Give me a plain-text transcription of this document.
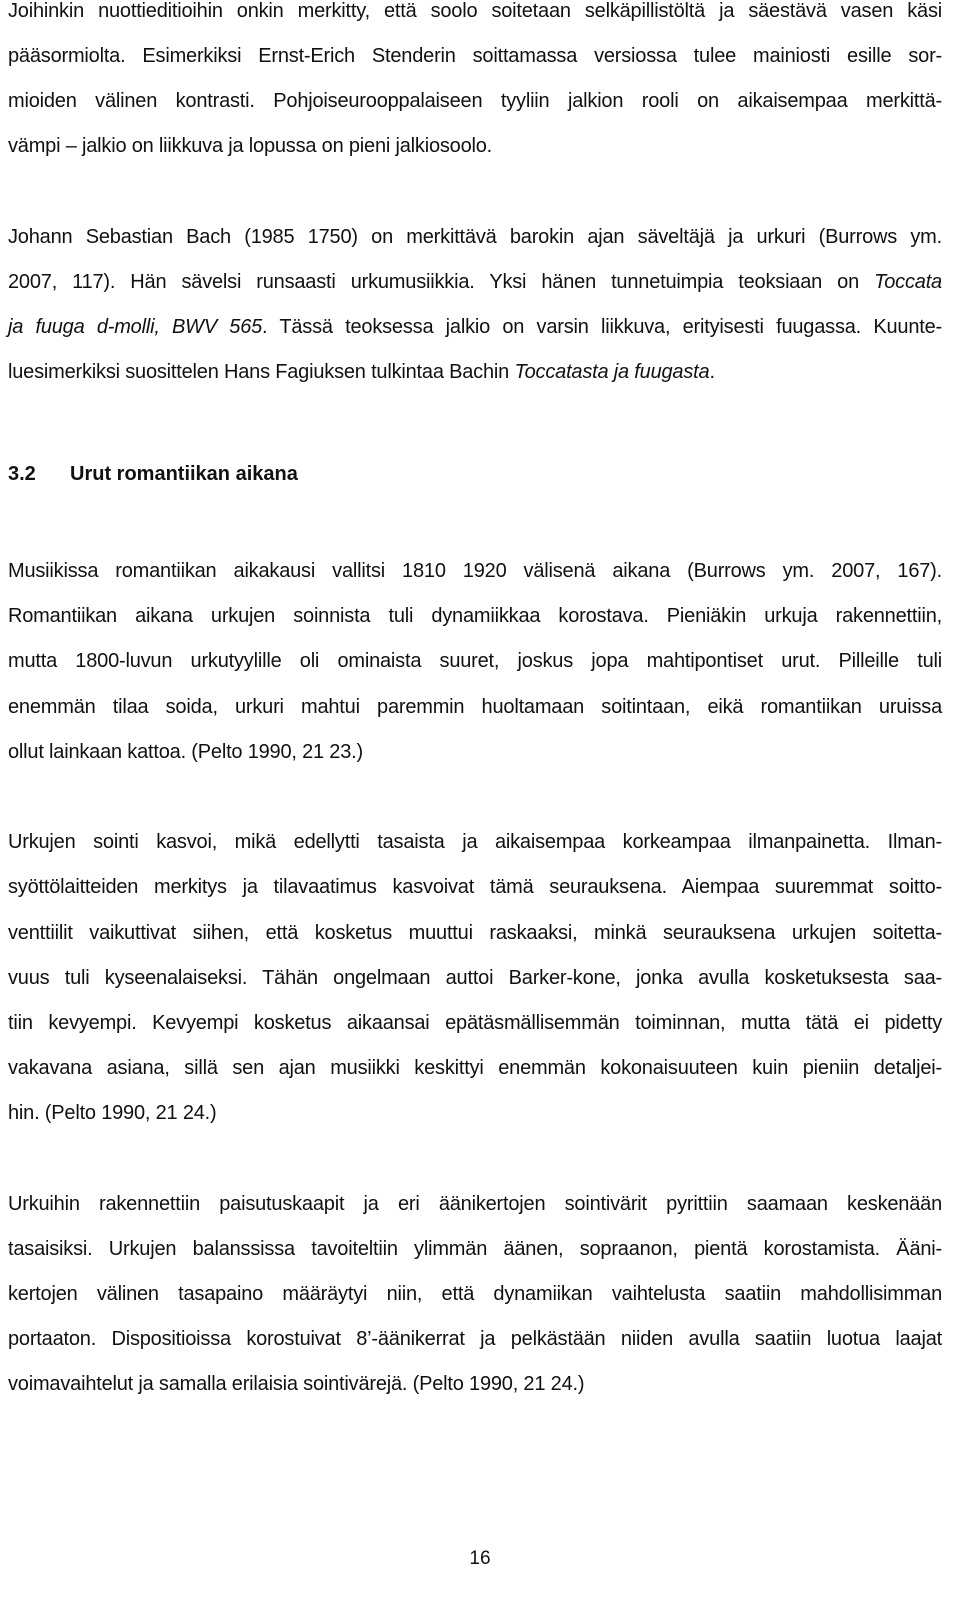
Joihinkin nuottieditioihin onkin merkitty, että soolo soitetaan selkäpillistöltä ja säestävä vasen käsi
pääsormiolta. Esimerkiksi Ernst-Erich Stenderin soittamassa versiossa tulee mainiosti esille sor-
mioiden välinen kontrasti. Pohjoiseurooppalaiseen tyyliin jalkion rooli on aikaisempaa merkittä-
vämpi – jalkio on liikkuva ja lopussa on pieni jalkiosoolo.
Johann Sebastian Bach (1985 1750) on merkittävä barokin ajan säveltäjä ja urkuri (Burrows ym.
2007, 117). Hän sävelsi runsaasti urkumusiikkia. Yksi hänen tunnetuimpia teoksiaan on Toccata
ja fuuga d-molli, BWV 565. Tässä teoksessa jalkio on varsin liikkuva, erityisesti fuugassa. Kuunte-
luesimerkiksi suosittelen Hans Fagiuksen tulkintaa Bachin Toccatasta ja fuugasta.
3.2 Urut romantiikan aikana
Musiikissa romantiikan aikakausi vallitsi 1810 1920 välisenä aikana (Burrows ym. 2007, 167).
Romantiikan aikana urkujen soinnista tuli dynamiikkaa korostava. Pieniäkin urkuja rakennettiin,
mutta 1800-luvun urkutyylille oli ominaista suuret, joskus jopa mahtipontiset urut. Pilleille tuli
enemmän tilaa soida, urkuri mahtui paremmin huoltamaan soitintaan, eikä romantiikan uruissa
ollut lainkaan kattoa. (Pelto 1990, 21 23.)
Urkujen sointi kasvoi, mikä edellytti tasaista ja aikaisempaa korkeampaa ilmanpainetta. Ilman-
syöttölaitteiden merkitys ja tilavaatimus kasvoivat tämä seurauksena. Aiempaa suuremmat soitto-
venttiilit vaikuttivat siihen, että kosketus muuttui raskaaksi, minkä seurauksena urkujen soitetta-
vuus tuli kyseenalaiseksi. Tähän ongelmaan auttoi Barker-kone, jonka avulla kosketuksesta saa-
tiin kevyempi. Kevyempi kosketus aikaansai epätäsmällisemmän toiminnan, mutta tätä ei pidetty
vakavana asiana, sillä sen ajan musiikki keskittyi enemmän kokonaisuuteen kuin pieniin detaljei-
hin. (Pelto 1990, 21 24.)
Urkuihin rakennettiin paisutuskaapit ja eri äänikertojen sointivärit pyrittiin saamaan keskenään
tasaisiksi. Urkujen balanssissa tavoiteltiin ylimmän äänen, sopraanon, pientä korostamista. Ääni-
kertojen välinen tasapaino määräytyi niin, että dynamiikan vaihtelusta saatiin mahdollisimman
portaaton. Dispositioissa korostuivat 8’-äänikerrat ja pelkästään niiden avulla saatiin luotua laajat
voimavaihtelut ja samalla erilaisia sointivärejä. (Pelto 1990, 21 24.)
16
